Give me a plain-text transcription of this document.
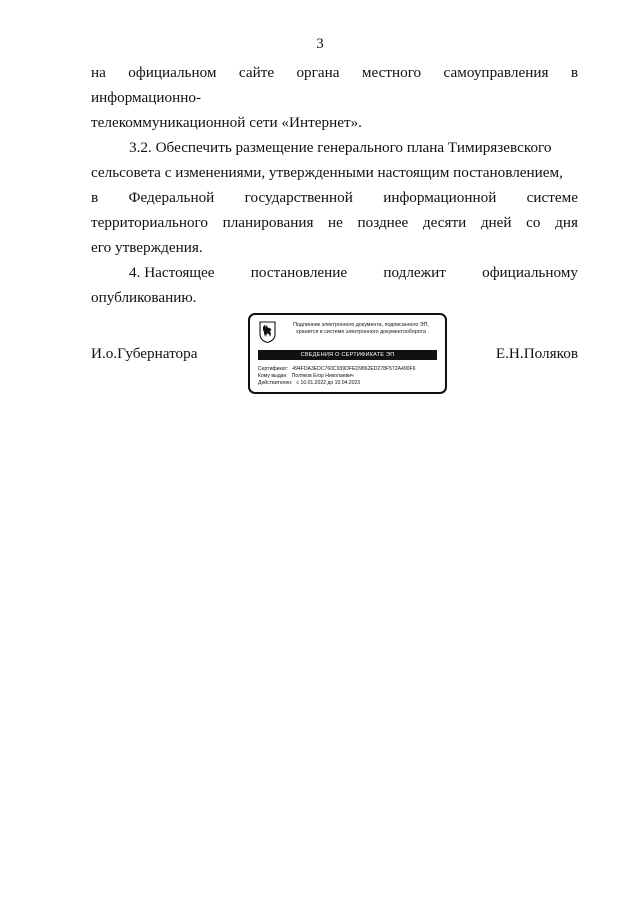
3

на официальном сайте органа местного самоуправления в информационно-
телекоммуникационной сети «Интернет».

3.2. Обеспечить размещение генерального плана Тимирязевского

сельсовета с изменениями, утвержденными настоящим постановлением,

в Федеральной государственной информационной системе
территориального планирования не позднее десяти дней со дня

его утверждения.

4. Настоящее постановление подлежит официальному

опубликованию.

И.о.Губернатора	Е.Н.Поляков
Подлинник электронного документа, подписанного ЭП,
хранится в системе электронного документооборота
СВЕДЕНИЯ О СЕРТИФИКАТЕ ЭП
Сертификат: 494FDA3EDC760C939DFED9862ED278F572A490F6
Кому выдан: Поляков Егор Николаевич
Действителен: с 10.01.2022 до 10.04.2023
